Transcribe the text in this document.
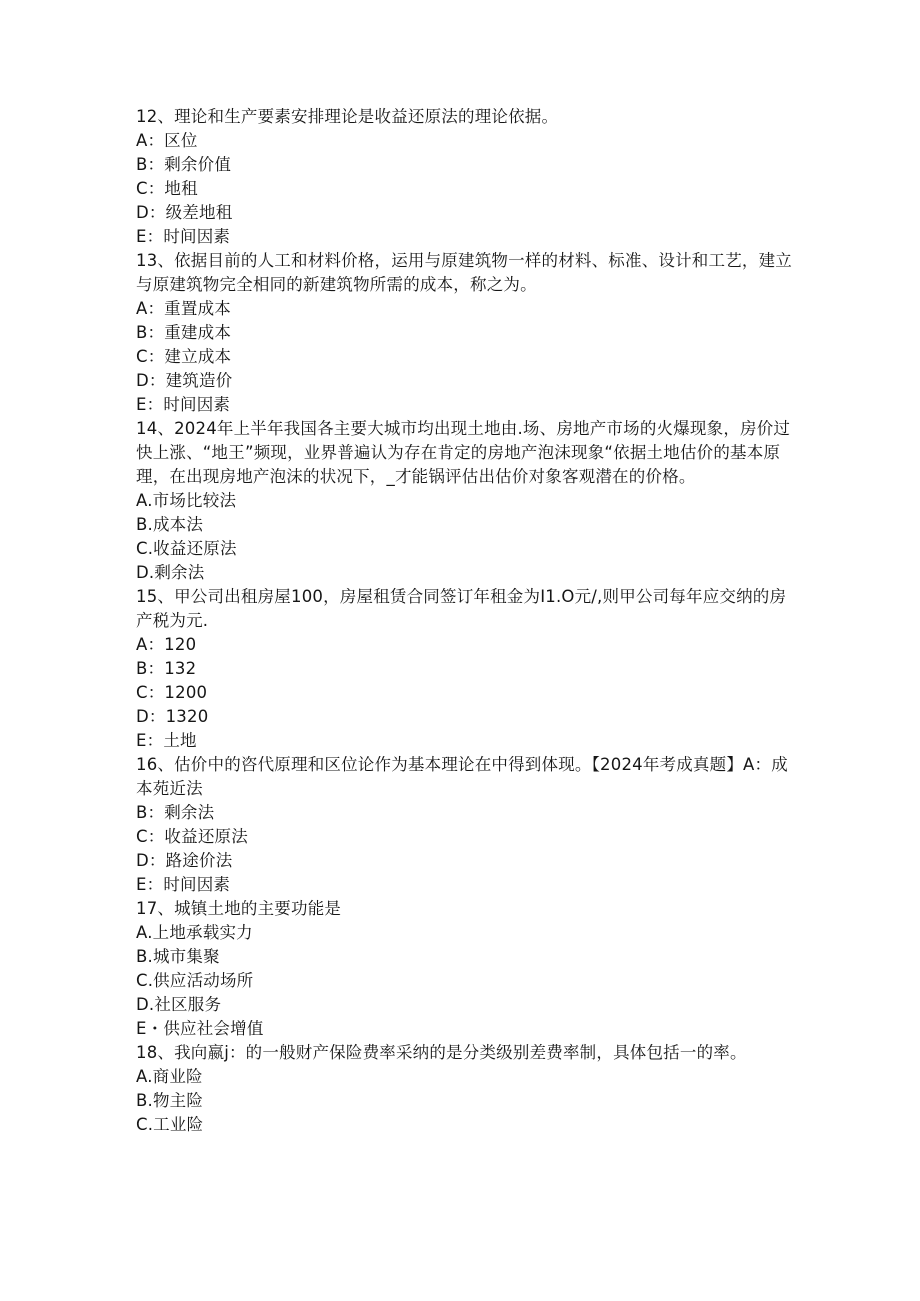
12、理论和生产要素安排理论是收益还原法的理论依据。
A：区位
B：剩余价值
C：地租
D：级差地租
E：时间因素
13、依据目前的人工和材料价格，运用与原建筑物一样的材料、标准、设计和工艺，建立与原建筑物完全相同的新建筑物所需的成本，称之为。
A：重置成本
B：重建成本
C：建立成本
D：建筑造价
E：时间因素
14、2024年上半年我国各主要大城市均出现土地由.场、房地产市场的火爆现象，房价过快上涨、“地王”频现，业界普遍认为存在肯定的房地产泡沫现象“依据土地估价的基本原理，在出现房地产泡沫的状况下，_才能锅评估出估价对象客观潜在的价格。
A.市场比较法
B.成本法
C.收益还原法
D.剩余法
15、甲公司出租房屋100，房屋租赁合同签订年租金为I1.O元/,则甲公司每年应交纳的房产税为元.
A：120
B：132
C：1200
D：1320
E：土地
16、估价中的咨代原理和区位论作为基本理论在中得到体现。【2024年考成真题】A：成本苑近法
B：剩余法
C：收益还原法
D：路途价法
E：时间因素
17、城镇土地的主要功能是
A.上地承载实力
B.城市集聚
C.供应活动场所
D.社区服务
E・供应社会增值
18、我向嬴j：的一般财产保险费率采纳的是分类级别差费率制，具体包括一的率。
A.商业险
B.物主险
C.工业险
